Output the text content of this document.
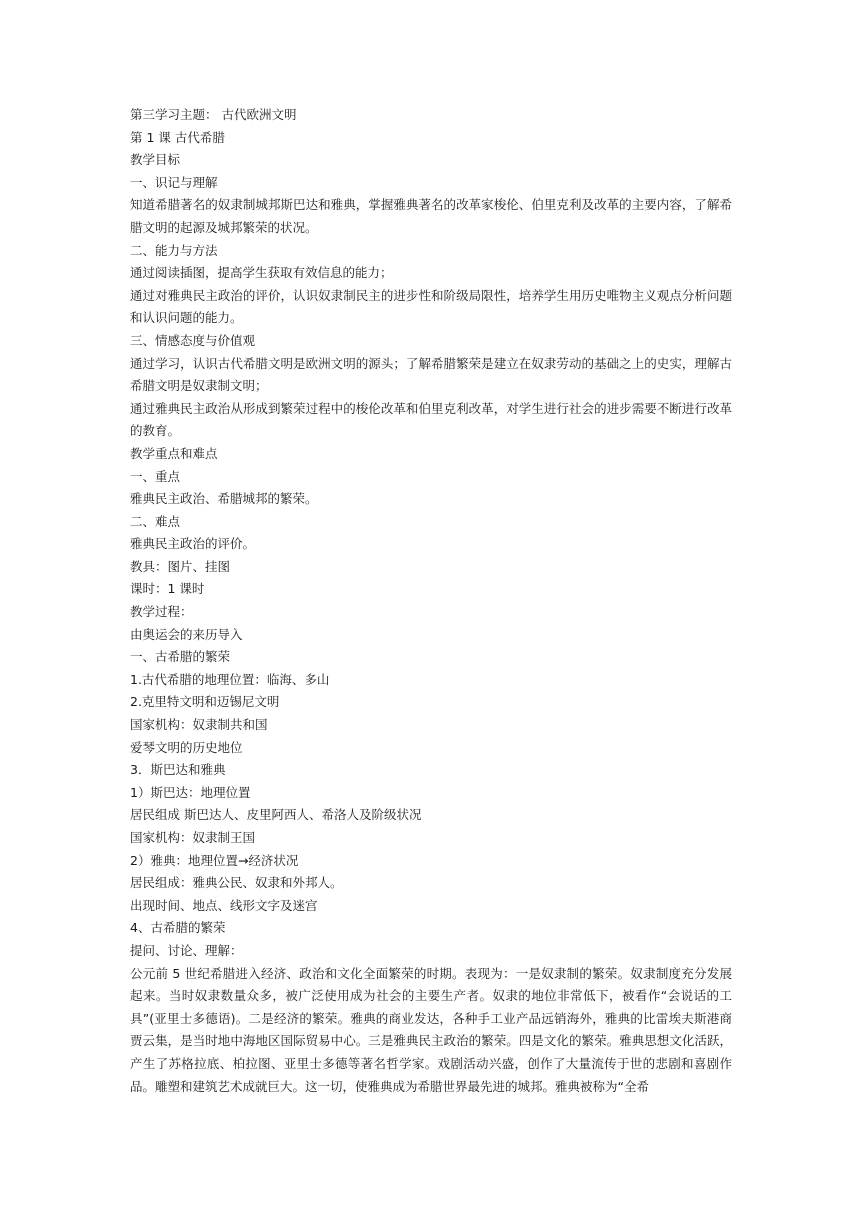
第三学习主题： 古代欧洲文明
第 1 课 古代希腊
教学目标
一、识记与理解
知道希腊著名的奴隶制城邦斯巴达和雅典，掌握雅典著名的改革家梭伦、伯里克利及改革的主要内容，了解希腊文明的起源及城邦繁荣的状况。
二、能力与方法
通过阅读插图，提高学生获取有效信息的能力；
通过对雅典民主政治的评价，认识奴隶制民主的进步性和阶级局限性，培养学生用历史唯物主义观点分析问题和认识问题的能力。
三、情感态度与价值观
通过学习，认识古代希腊文明是欧洲文明的源头；了解希腊繁荣是建立在奴隶劳动的基础之上的史实，理解古希腊文明是奴隶制文明；
通过雅典民主政治从形成到繁荣过程中的梭伦改革和伯里克利改革，对学生进行社会的进步需要不断进行改革的教育。
教学重点和难点
一、重点
雅典民主政治、希腊城邦的繁荣。
二、难点
雅典民主政治的评价。
教具：图片、挂图
课时：1 课时
教学过程：
由奥运会的来历导入
一、古希腊的繁荣
1.古代希腊的地理位置：临海、多山
2.克里特文明和迈锡尼文明
国家机构：奴隶制共和国
爱琴文明的历史地位
3．斯巴达和雅典
1）斯巴达：地理位置
居民组成 斯巴达人、皮里阿西人、希洛人及阶级状况
国家机构：奴隶制王国
2）雅典：地理位置→经济状况
居民组成：雅典公民、奴隶和外邦人。
出现时间、地点、线形文字及迷宫
4、古希腊的繁荣
提问、讨论、理解：
公元前 5 世纪希腊进入经济、政治和文化全面繁荣的时期。表现为：一是奴隶制的繁荣。奴隶制度充分发展起来。当时奴隶数量众多，被广泛使用成为社会的主要生产者。奴隶的地位非常低下，被看作“会说话的工具”(亚里士多德语)。二是经济的繁荣。雅典的商业发达，各种手工业产品远销海外，雅典的比雷埃夫斯港商贾云集，是当时地中海地区国际贸易中心。三是雅典民主政治的繁荣。四是文化的繁荣。雅典思想文化活跃，产生了苏格拉底、柏拉图、亚里士多德等著名哲学家。戏剧活动兴盛，创作了大量流传于世的悲剧和喜剧作品。雕塑和建筑艺术成就巨大。这一切，使雅典成为希腊世界最先进的城邦。雅典被称为“全希
